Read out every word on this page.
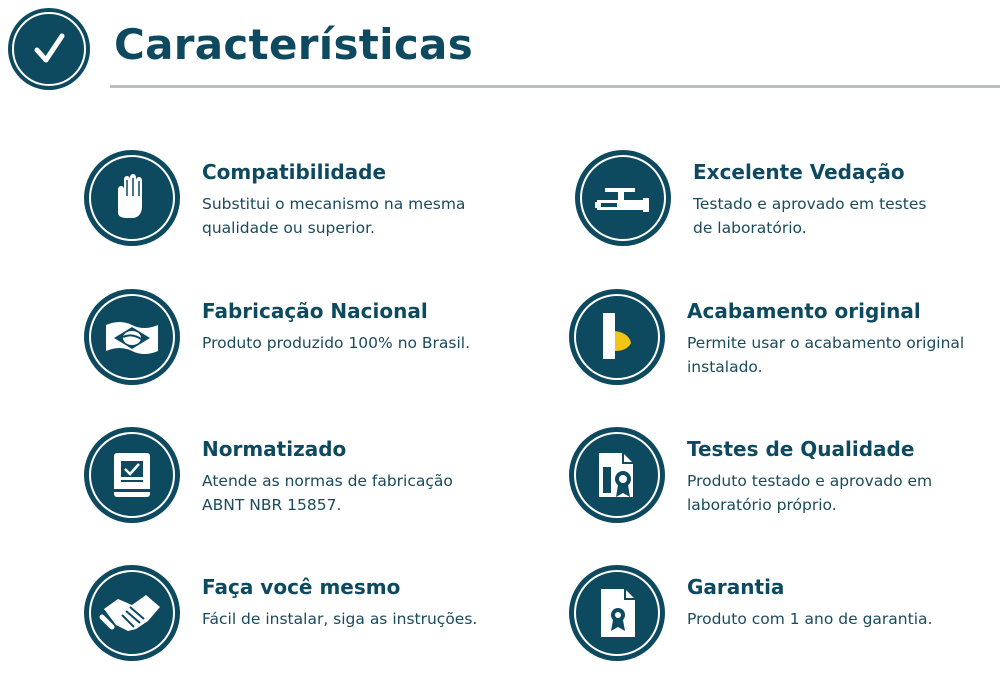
Características
Compatibilidade
Substitui o mecanismo na mesma
qualidade ou superior.
Excelente Vedação
Testado e aprovado em testes
de laboratório.
Fabricação Nacional
Produto produzido 100% no Brasil.
Acabamento original
Permite usar o acabamento original
instalado.
Normatizado
Atende as normas de fabricação
ABNT NBR 15857.
Testes de Qualidade
Produto testado e aprovado em
laboratório próprio.
Faça você mesmo
Fácil de instalar, siga as instruções.
Garantia
Produto com 1 ano de garantia.
